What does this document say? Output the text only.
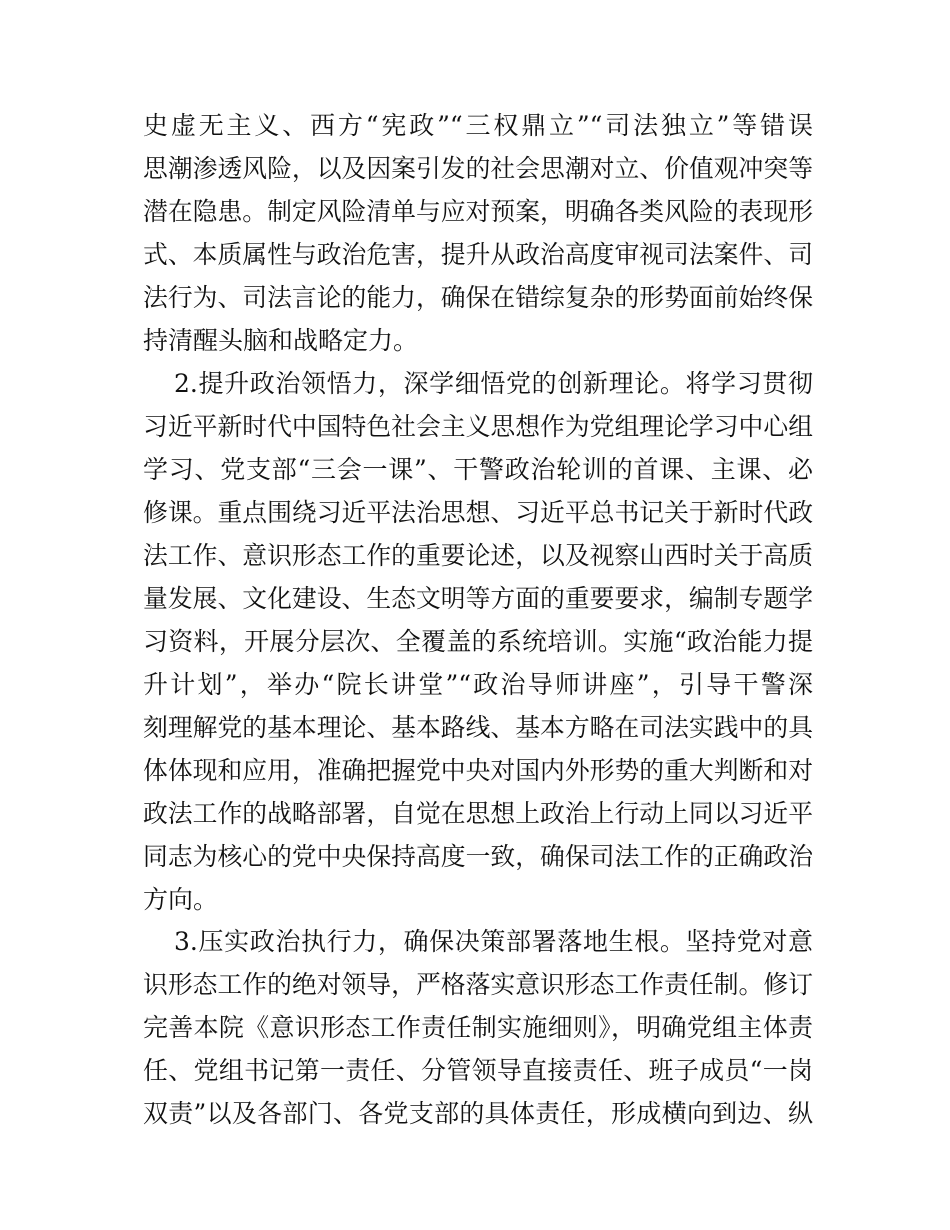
史虚无主义、西方“宪政”“三权鼎立”“司法独立”等错误
思潮渗透风险，以及因案引发的社会思潮对立、价值观冲突等
潜在隐患。制定风险清单与应对预案，明确各类风险的表现形
式、本质属性与政治危害，提升从政治高度审视司法案件、司
法行为、司法言论的能力，确保在错综复杂的形势面前始终保
持清醒头脑和战略定力。
2.提升政治领悟力，深学细悟党的创新理论。将学习贯彻
习近平新时代中国特色社会主义思想作为党组理论学习中心组
学习、党支部“三会一课”、干警政治轮训的首课、主课、必
修课。重点围绕习近平法治思想、习近平总书记关于新时代政
法工作、意识形态工作的重要论述，以及视察山西时关于高质
量发展、文化建设、生态文明等方面的重要要求，编制专题学
习资料，开展分层次、全覆盖的系统培训。实施“政治能力提
升计划”，举办“院长讲堂”“政治导师讲座”，引导干警深
刻理解党的基本理论、基本路线、基本方略在司法实践中的具
体体现和应用，准确把握党中央对国内外形势的重大判断和对
政法工作的战略部署，自觉在思想上政治上行动上同以习近平
同志为核心的党中央保持高度一致，确保司法工作的正确政治
方向。
3.压实政治执行力，确保决策部署落地生根。坚持党对意
识形态工作的绝对领导，严格落实意识形态工作责任制。修订
完善本院《意识形态工作责任制实施细则》，明确党组主体责
任、党组书记第一责任、分管领导直接责任、班子成员“一岗
双责”以及各部门、各党支部的具体责任，形成横向到边、纵
